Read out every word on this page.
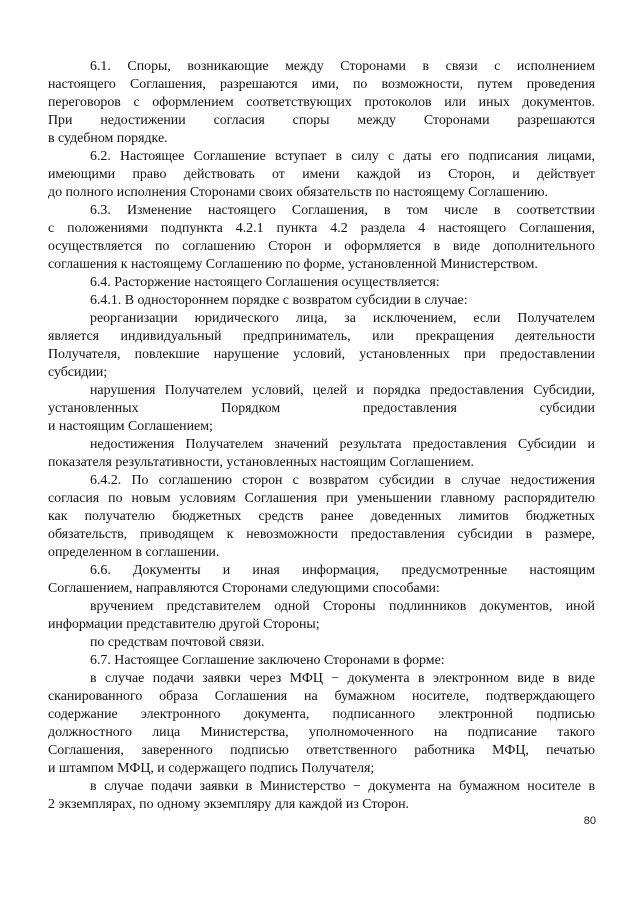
6.1. Споры, возникающие между Сторонами в связи с исполнением
настоящего Соглашения, разрешаются ими, по возможности, путем проведения
переговоров с оформлением соответствующих протоколов или иных документов.
При недостижении согласия споры между Сторонами разрешаются
в судебном порядке.
6.2. Настоящее Соглашение вступает в силу с даты его подписания лицами,
имеющими право действовать от имени каждой из Сторон, и действует
до полного исполнения Сторонами своих обязательств по настоящему Соглашению.
6.3. Изменение настоящего Соглашения, в том числе в соответствии
с положениями подпункта 4.2.1 пункта 4.2 раздела 4 настоящего Соглашения,
осуществляется по соглашению Сторон и оформляется в виде дополнительного
соглашения к настоящему Соглашению по форме, установленной Министерством.
6.4. Расторжение настоящего Соглашения осуществляется:
6.4.1. В одностороннем порядке с возвратом субсидии в случае:
реорганизации юридического лица, за исключением, если Получателем
является индивидуальный предприниматель, или прекращения деятельности
Получателя, повлекшие нарушение условий, установленных при предоставлении
субсидии;
нарушения Получателем условий, целей и порядка предоставления Субсидии,
установленных Порядком предоставления субсидии
и настоящим Соглашением;
недостижения Получателем значений результата предоставления Субсидии и
показателя результативности, установленных настоящим Соглашением.
6.4.2. По соглашению сторон с возвратом субсидии в случае недостижения
согласия по новым условиям Соглашения при уменьшении главному распорядителю
как получателю бюджетных средств ранее доведенных лимитов бюджетных
обязательств, приводящем к невозможности предоставления субсидии в размере,
определенном в соглашении.
6.6. Документы и иная информация, предусмотренные настоящим
Соглашением, направляются Сторонами следующими способами:
вручением представителем одной Стороны подлинников документов, иной
информации представителю другой Стороны;
по средствам почтовой связи.
6.7. Настоящее Соглашение заключено Сторонами в форме:
в случае подачи заявки через МФЦ − документа в электронном виде в виде
сканированного образа Соглашения на бумажном носителе, подтверждающего
содержание электронного документа, подписанного электронной подписью
должностного лица Министерства, уполномоченного на подписание такого
Соглашения, заверенного подписью ответственного работника МФЦ, печатью
и штампом МФЦ, и содержащего подпись Получателя;
в случае подачи заявки в Министерство − документа на бумажном носителе в
2 экземплярах, по одному экземпляру для каждой из Сторон.
80
